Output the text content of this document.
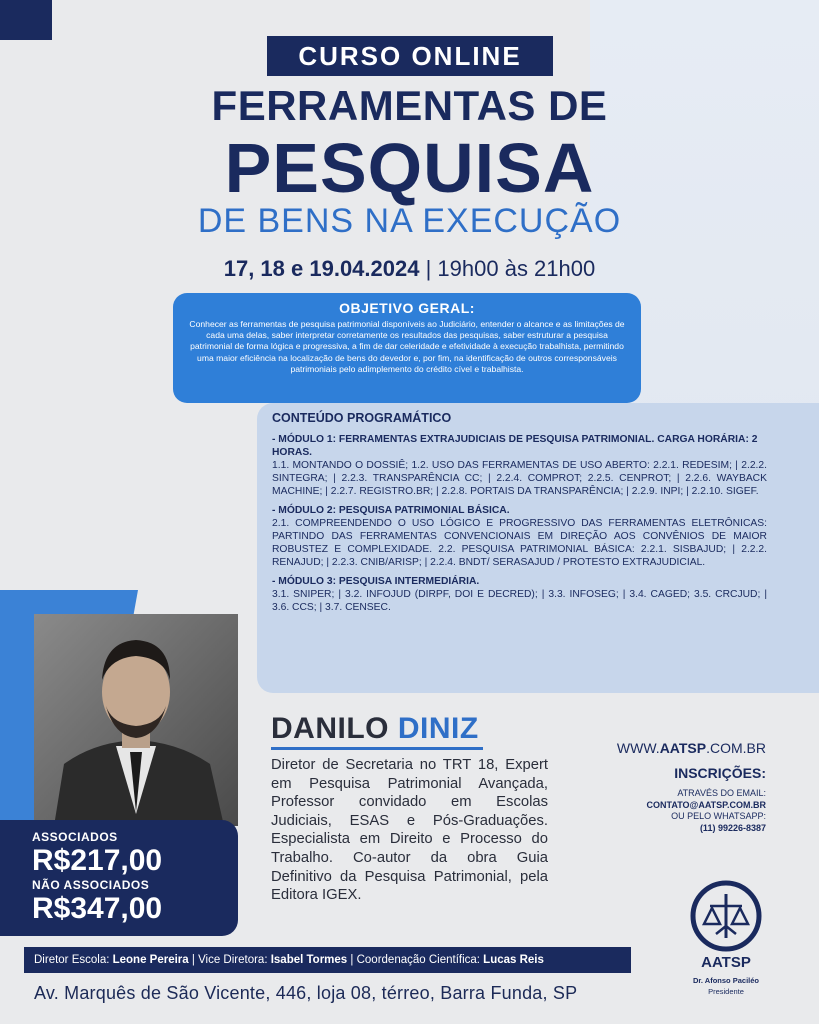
CURSO ONLINE
FERRAMENTAS DE
PESQUISA
DE BENS NA EXECUÇÃO
17, 18 e 19.04.2024 | 19h00 às 21h00
OBJETIVO GERAL:

Conhecer as ferramentas de pesquisa patrimonial disponíveis ao Judiciário, entender o alcance e as limitações de cada uma delas, saber interpretar corretamente os resultados das pesquisas, saber estruturar a pesquisa patrimonial de forma lógica e progressiva, a fim de dar celeridade e efetividade à execução trabalhista, permitindo uma maior eficiência na localização de bens do devedor e, por fim, na identificação de outros corresponsáveis patrimoniais pelo adimplemento do crédito cível e trabalhista.

CONTEÚDO PROGRAMÁTICO
- MÓDULO 1: FERRAMENTAS EXTRAJUDICIAIS DE PESQUISA PATRIMONIAL. CARGA HORÁRIA: 2 HORAS.

1.1. MONTANDO O DOSSIÊ; 1.2. USO DAS FERRAMENTAS DE USO ABERTO: 2.2.1. REDESIM; | 2.2.2. SINTEGRA; | 2.2.3. TRANSPARÊNCIA CC; | 2.2.4. COMPROT; 2.2.5. CENPROT; | 2.2.6. WAYBACK MACHINE; | 2.2.7. REGISTRO.BR; | 2.2.8. PORTAIS DA TRANSPARÊNCIA; | 2.2.9. INPI; | 2.2.10. SIGEF.

- MÓDULO 2: PESQUISA PATRIMONIAL BÁSICA.

2.1. COMPREENDENDO O USO LÓGICO E PROGRESSIVO DAS FERRAMENTAS ELETRÔNICAS: PARTINDO DAS FERRAMENTAS CONVENCIONAIS EM DIREÇÃO AOS CONVÊNIOS DE MAIOR ROBUSTEZ E COMPLEXIDADE. 2.2. PESQUISA PATRIMONIAL BÁSICA: 2.2.1. SISBAJUD; | 2.2.2. RENAJUD; | 2.2.3. CNIB/ARISP; | 2.2.4. BNDT/ SERASAJUD / PROTESTO EXTRAJUDICIAL.

- MÓDULO 3: PESQUISA INTERMEDIÁRIA.

3.1. SNIPER; | 3.2. INFOJUD (DIRPF, DOI E DECRED); | 3.3. INFOSEG; | 3.4. CAGED; 3.5. CRCJUD; | 3.6. CCS; | 3.7. CENSEC.

ASSOCIADOS
R$217,00
NÃO ASSOCIADOS
R$347,00
DANILO DINIZ
Diretor de Secretaria no TRT 18, Expert em Pesquisa Patrimonial Avançada, Professor convidado em Escolas Judiciais, ESAS e Pós-Graduações. Especialista em Direito e Processo do Trabalho. Co-autor da obra Guia Definitivo da Pesquisa Patrimonial, pela Editora IGEX.
WWW.AATSP.COM.BR
INSCRIÇÕES:
ATRAVÉS DO EMAIL:
CONTATO@AATSP.COM.BR
OU PELO WHATSAPP:
(11) 99226-8387
AATSP
Dr. Afonso Paciléo
Presidente
Diretor Escola: Leone Pereira | Vice Diretora: Isabel Tormes | Coordenação Científica: Lucas Reis
Av. Marquês de São Vicente, 446, loja 08, térreo, Barra Funda, SP
